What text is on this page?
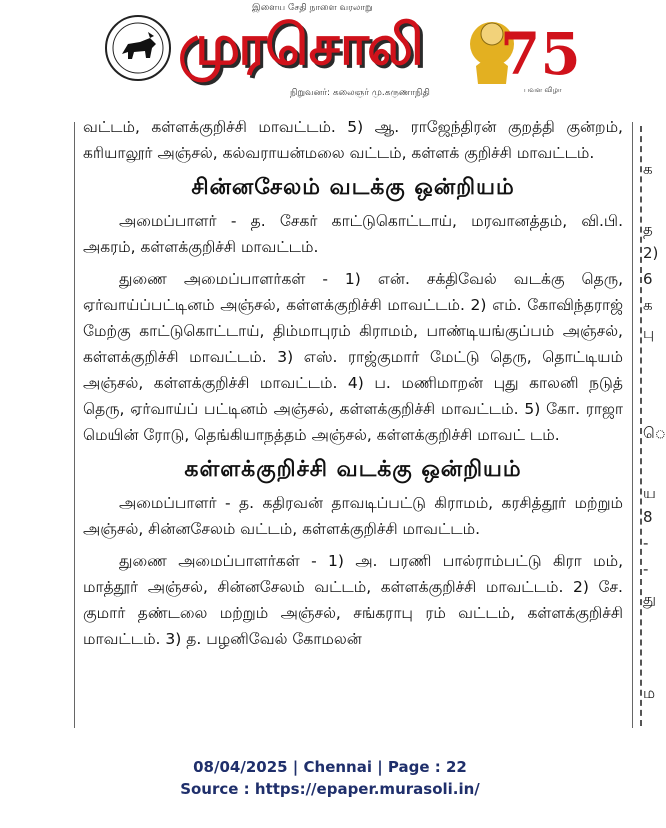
இளைய சேதி நாளை வரலாறு
முரசொலி
நிறுவனர்: கலைஞர் மு.கருணாநிதி
75
பவள விழா

வட்டம், கள்ளக்குறிச்சி மாவட்டம். 5) ஆ. ராஜேந்திரன் குறத்தி குன்றம், கரியாலூர் அஞ்சல், கல்வராயன்மலை வட்டம், கள்ளக் குறிச்சி மாவட்டம்.

சின்னசேலம் வடக்கு ஒன்றியம்

அமைப்பாளர் - த. சேகர் காட்டுகொட்டாய், மரவானத்தம், வி.பி. அகரம், கள்ளக்குறிச்சி மாவட்டம்.

துணை அமைப்பாளர்கள் - 1) என். சக்திவேல் வடக்கு தெரு, ஏர்வாய்ப்பட்டினம் அஞ்சல், கள்ளக்குறிச்சி மாவட்டம். 2) எம். கோவிந்தராஜ் மேற்கு காட்டுகொட்டாய், திம்மாபுரம் கிராமம், பாண்டியங்குப்பம் அஞ்சல், கள்ளக்குறிச்சி மாவட்டம். 3) எஸ். ராஜ்குமார் மேட்டு தெரு, தொட்டியம் அஞ்சல், கள்ளக்குறிச்சி மாவட்டம். 4) ப. மணிமாறன் புது காலனி நடுத் தெரு, ஏர்வாய்ப் பட்டினம் அஞ்சல், கள்ளக்குறிச்சி மாவட்டம். 5) கோ. ராஜா மெயின் ரோடு, தெங்கியாநத்தம் அஞ்சல், கள்ளக்குறிச்சி மாவட் டம்.

கள்ளக்குறிச்சி வடக்கு ஒன்றியம்

அமைப்பாளர் - த. கதிரவன் தாவடிப்பட்டு கிராமம், கரசித்தூர் மற்றும் அஞ்சல், சின்னசேலம் வட்டம், கள்ளக்குறிச்சி மாவட்டம்.

துணை அமைப்பாளர்கள் - 1) அ. பரணி பால்ராம்பட்டு கிரா மம், மாத்தூர் அஞ்சல், சின்னசேலம் வட்டம், கள்ளக்குறிச்சி மாவட்டம். 2) சே. குமார் தண்டலை மற்றும் அஞ்சல், சங்கராபு ரம் வட்டம், கள்ளக்குறிச்சி மாவட்டம். 3) த. பழனிவேல் கோமலன்

க
த
2)
6
க
பு
ெ
ய
8
-
-
து
ம
08/04/2025 | Chennai | Page : 22
Source : https://epaper.murasoli.in/
